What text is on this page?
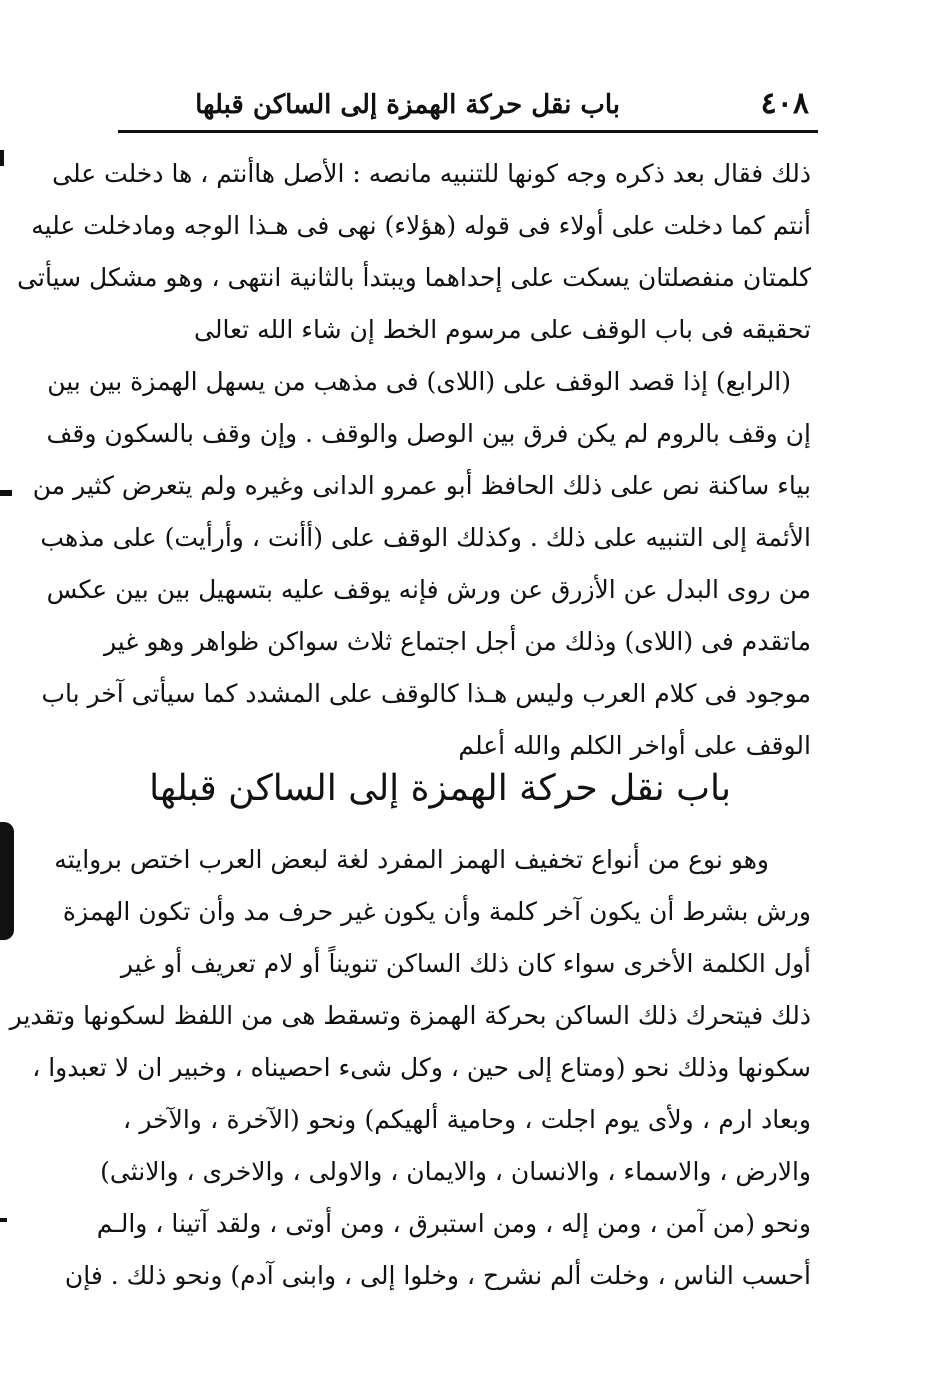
٤٠٨
باب نقل حركة الهمزة إلى الساكن قبلها
ذلك فقال بعد ذكره وجه كونها للتنبيه مانصه : الأصل هاأنتم ، ها دخلت على
أنتم كما دخلت على أولاء فى قوله (هؤلاء) نهى فى هـذا الوجه ومادخلت عليه
كلمتان منفصلتان يسكت على إحداهما ويبتدأ بالثانية انتهى ، وهو مشكل سيأتى
تحقيقه فى باب الوقف على مرسوم الخط إن شاء الله تعالى
(الرابع) إذا قصد الوقف على (اللاى) فى مذهب من يسهل الهمزة بين بين
إن وقف بالروم لم يكن فرق بين الوصل والوقف . وإن وقف بالسكون وقف
بياء ساكنة نص على ذلك الحافظ أبو عمرو الدانى وغيره ولم يتعرض كثير من
الأئمة إلى التنبيه على ذلك . وكذلك الوقف على (أأنت ، وأرأيت) على مذهب
من روى البدل عن الأزرق عن ورش فإنه يوقف عليه بتسهيل بين بين عكس
ماتقدم فى (اللاى) وذلك من أجل اجتماع ثلاث سواكن ظواهر وهو غير
موجود فى كلام العرب وليس هـذا كالوقف على المشدد كما سيأتى آخر باب
الوقف على أواخر الكلم والله أعلم
باب نقل حركة الهمزة إلى الساكن قبلها
وهو نوع من أنواع تخفيف الهمز المفرد لغة لبعض العرب اختص بروايته
ورش بشرط أن يكون آخر كلمة وأن يكون غير حرف مد وأن تكون الهمزة
أول الكلمة الأخرى سواء كان ذلك الساكن تنويناً أو لام تعريف أو غير
ذلك فيتحرك ذلك الساكن بحركة الهمزة وتسقط هى من اللفظ لسكونها وتقدير
سكونها وذلك نحو (ومتاع إلى حين ، وكل شىء احصيناه ، وخبير ان لا تعبدوا ،
وبعاد ارم ، ولأى يوم اجلت ، وحامية ألهيكم) ونحو (الآخرة ، والآخر ،
والارض ، والاسماء ، والانسان ، والايمان ، والاولى ، والاخرى ، والانثى)
ونحو (من آمن ، ومن إله ، ومن استبرق ، ومن أوتى ، ولقد آتينا ، والـم
أحسب الناس ، وخلت ألم نشرح ، وخلوا إلى ، وابنى آدم) ونحو ذلك . فإن
